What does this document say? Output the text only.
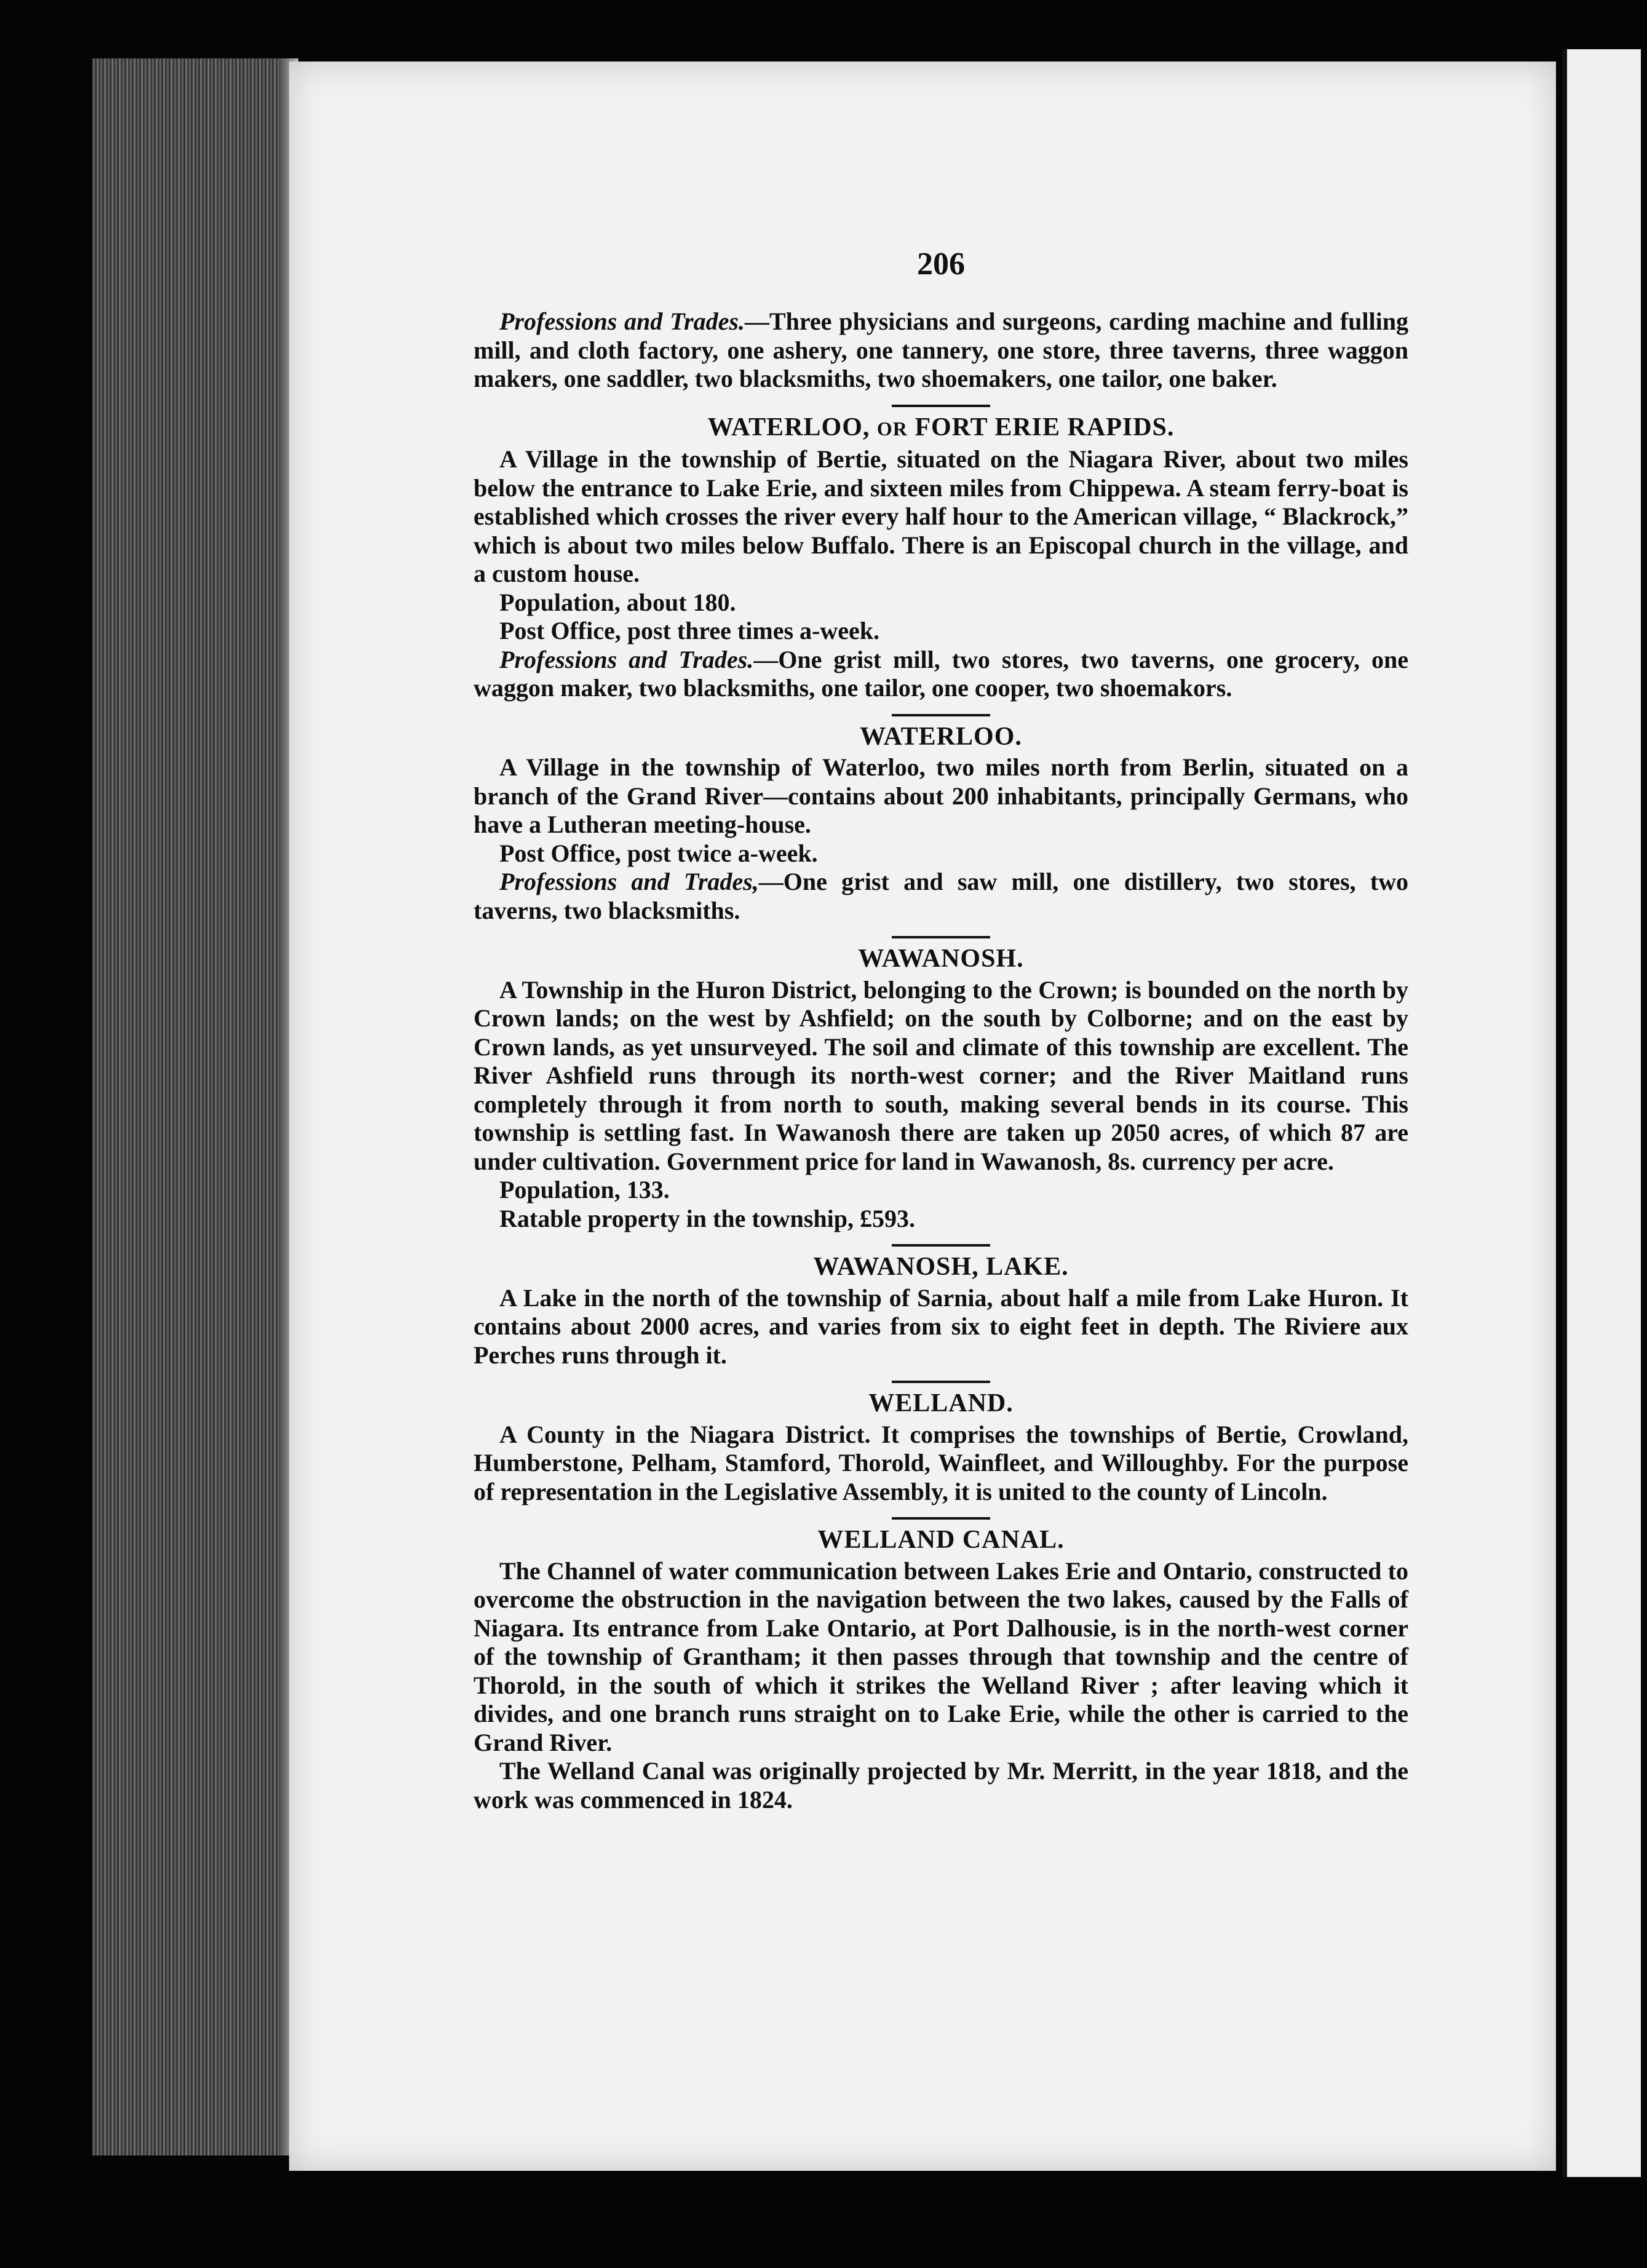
206

Professions and Trades.—Three physicians and surgeons, carding machine and fulling mill, and cloth factory, one ashery, one tannery, one store, three taverns, three waggon makers, one saddler, two blacksmiths, two shoemakers, one tailor, one baker.

WATERLOO, OR FORT ERIE RAPIDS.

A Village in the township of Bertie, situated on the Niagara River, about two miles below the entrance to Lake Erie, and sixteen miles from Chippewa. A steam ferry-boat is established which crosses the river every half hour to the American village, “ Blackrock,” which is about two miles below Buffalo. There is an Episcopal church in the village, and a custom house.

Population, about 180.

Post Office, post three times a-week.

Professions and Trades.—One grist mill, two stores, two taverns, one grocery, one waggon maker, two blacksmiths, one tailor, one cooper, two shoemakors.

WATERLOO.

A Village in the township of Waterloo, two miles north from Berlin, situated on a branch of the Grand River—contains about 200 inhabitants, principally Germans, who have a Lutheran meeting-house.

Post Office, post twice a-week.

Professions and Trades,—One grist and saw mill, one distillery, two stores, two taverns, two blacksmiths.

WAWANOSH.

A Township in the Huron District, belonging to the Crown; is bounded on the north by Crown lands; on the west by Ashfield; on the south by Colborne; and on the east by Crown lands, as yet unsurveyed. The soil and climate of this township are excellent. The River Ashfield runs through its north-west corner; and the River Maitland runs completely through it from north to south, making several bends in its course. This township is settling fast. In Wawanosh there are taken up 2050 acres, of which 87 are under cultivation. Government price for land in Wawanosh, 8s. currency per acre.

Population, 133.

Ratable property in the township, £593.

WAWANOSH, LAKE.

A Lake in the north of the township of Sarnia, about half a mile from Lake Huron. It contains about 2000 acres, and varies from six to eight feet in depth. The Riviere aux Perches runs through it.

WELLAND.

A County in the Niagara District. It comprises the townships of Bertie, Crowland, Humberstone, Pelham, Stamford, Thorold, Wainfleet, and Willoughby. For the purpose of representation in the Legislative Assembly, it is united to the county of Lincoln.

WELLAND CANAL.

The Channel of water communication between Lakes Erie and Ontario, constructed to overcome the obstruction in the navigation between the two lakes, caused by the Falls of Niagara. Its entrance from Lake Ontario, at Port Dalhousie, is in the north-west corner of the township of Grantham; it then passes through that township and the centre of Thorold, in the south of which it strikes the Welland River ; after leaving which it divides, and one branch runs straight on to Lake Erie, while the other is carried to the Grand River.

The Welland Canal was originally projected by Mr. Merritt, in the year 1818, and the work was commenced in 1824.
